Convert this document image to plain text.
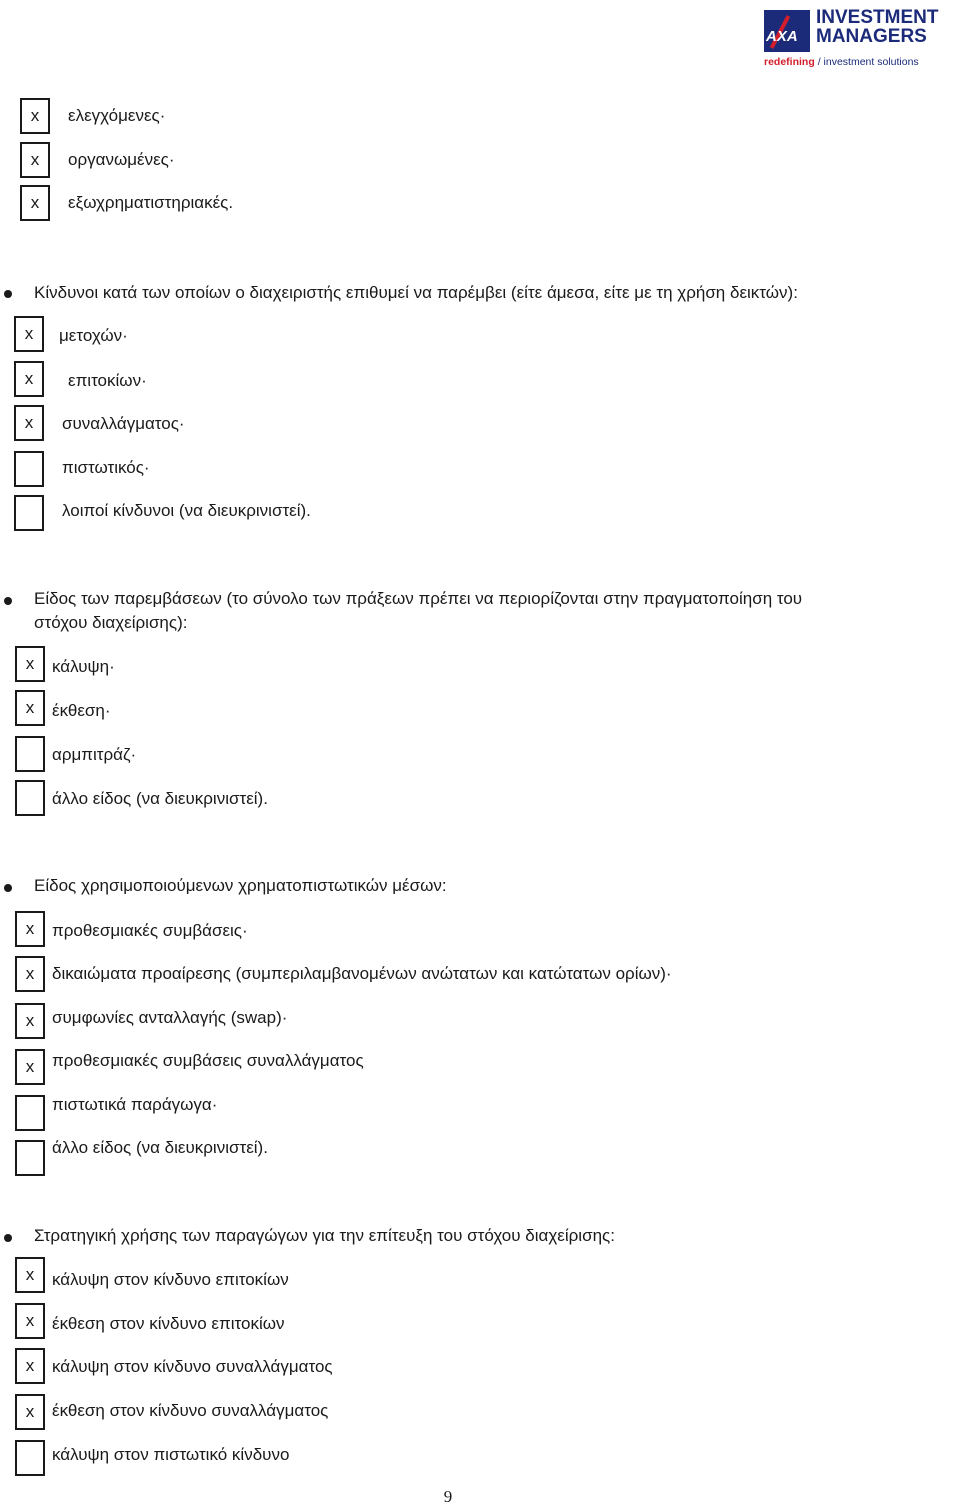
AXA
INVESTMENT
MANAGERS
redefining / investment solutions
x	ελεγχόμενες·
x	οργανωμένες·
x	εξωχρηματιστηριακές.
Κίνδυνοι κατά των οποίων ο διαχειριστής επιθυμεί να παρέμβει (είτε άμεσα, είτε με τη χρήση δεικτών):
x	μετοχών·
x	επιτοκίων·
x	συναλλάγματος·
πιστωτικός·
λοιποί κίνδυνοι (να διευκρινιστεί).
Είδος των παρεμβάσεων (το σύνολο των πράξεων πρέπει να περιορίζονται στην πραγματοποίηση του
στόχου διαχείρισης):
x	κάλυψη·
x	έκθεση·
αρμπιτράζ·
άλλο είδος (να διευκρινιστεί).
Είδος χρησιμοποιούμενων χρηματοπιστωτικών μέσων:
x	προθεσμιακές συμβάσεις·
x	δικαιώματα προαίρεσης (συμπεριλαμβανομένων ανώτατων και κατώτατων ορίων)·
x	συμφωνίες ανταλλαγής (swap)·
x	προθεσμιακές συμβάσεις συναλλάγματος
πιστωτικά παράγωγα·
άλλο είδος (να διευκρινιστεί).
Στρατηγική χρήσης των παραγώγων για την επίτευξη του στόχου διαχείρισης:
x	κάλυψη στον κίνδυνο επιτοκίων
x	έκθεση στον κίνδυνο επιτοκίων
x	κάλυψη στον κίνδυνο συναλλάγματος
x	έκθεση στον κίνδυνο συναλλάγματος
κάλυψη στον πιστωτικό κίνδυνο
9
